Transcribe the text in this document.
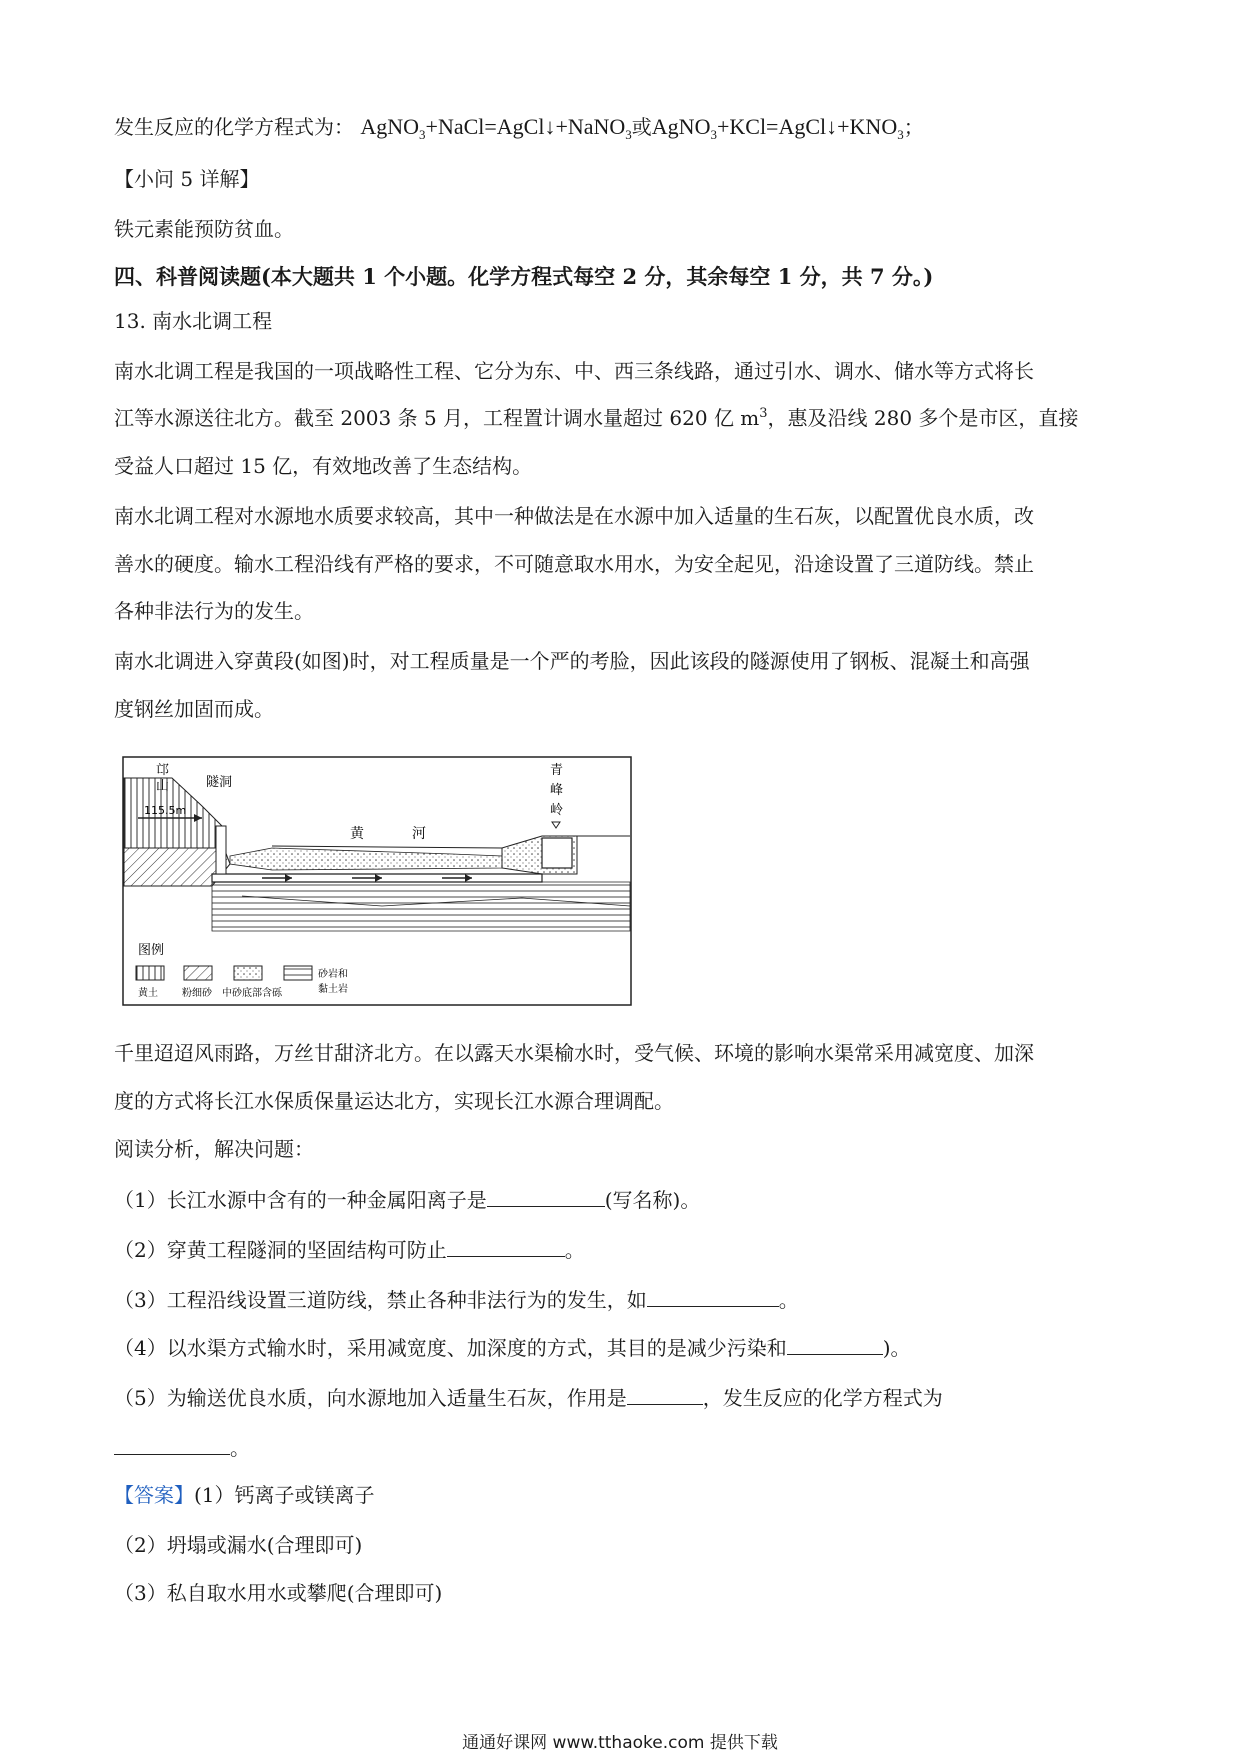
发生反应的化学方程式为： AgNO$_3$+NaCl=AgCl↓+NaNO$_3$或$AgNO_3+KCl=AgCl↓+KNO_3$；
【小问 5 详解】
铁元素能预防贫血。
四、科普阅读题(本大题共 1 个小题。化学方程式每空 2 分，其余每空 1 分，共 7 分。)
13. 南水北调工程
南水北调工程是我国的一项战略性工程、它分为东、中、西三条线路，通过引水、调水、储水等方式将长
江等水源送往北方。截至 2003 条 5 月，工程置计调水量超过 620 亿 $m^3$，惠及沿线 280 多个是市区，直接
受益人口超过 15 亿，有效地改善了生态结构。
南水北调工程对水源地水质要求较高，其中一种做法是在水源中加入适量的生石灰，以配置优良水质，改
善水的硬度。输水工程沿线有严格的要求，不可随意取水用水，为安全起见，沿途设置了三道防线。禁止
各种非法行为的发生。
南水北调进入穿黄段(如图)时，对工程质量是一个严的考脸，因此该段的隧源使用了钢板、混凝土和高强
度钢丝加固而成。
邙
山	隧洞
115.5m
黄	河
青
峰
岭
图例
黄土 粉细砂 中砂底部含砾
砂岩和
黏土岩
千里迢迢风雨路，万丝甘甜济北方。在以露天水渠榆水时，受气候、环境的影响水渠常采用减宽度、加深
度的方式将长江水保质保量运达北方，实现长江水源合理调配。
阅读分析，解决问题：
（1）长江水源中含有的一种金属阳离子是	(写名称)。
（2）穿黄工程隧洞的坚固结构可防止	。
（3）工程沿线设置三道防线，禁止各种非法行为的发生，如	。
（4）以水渠方式输水时，采用减宽度、加深度的方式，其目的是减少污染和	)。
（5）为输送优良水质，向水源地加入适量生石灰，作用是	，发生反应的化学方程式为
。
【答案】(1）钙离子或镁离子
（2）坍塌或漏水(合理即可)
（3）私自取水用水或攀爬(合理即可)
通通好课网 www.tthaoke.com 提供下载
